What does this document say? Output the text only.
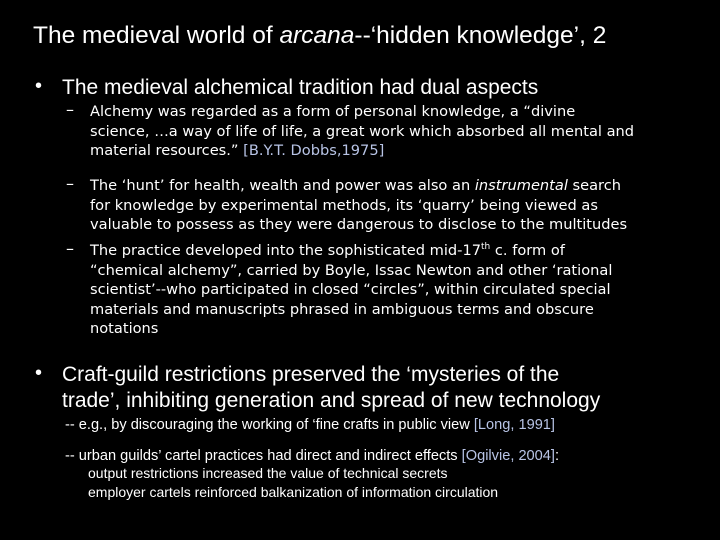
The medieval world of arcana--‘hidden knowledge’, 2
• The medieval alchemical tradition had dual aspects
– Alchemy was regarded as a form of personal knowledge, a “divine
science, …a way of life of life, a great work which absorbed all mental and
material resources.” [B.Y.T. Dobbs,1975]
– The ‘hunt’ for health, wealth and power was also an instrumental search
for knowledge by experimental methods, its ‘quarry’ being viewed as
valuable to possess as they were dangerous to disclose to the multitudes
– The practice developed into the sophisticated mid-17th c. form of
“chemical alchemy”, carried by Boyle, Issac Newton and other ‘rational
scientist’--who participated in closed “circles”, within circulated special
materials and manuscripts phrased in ambiguous terms and obscure
notations
• Craft-guild restrictions preserved the ‘mysteries of the
trade’, inhibiting generation and spread of new technology
-- e.g., by discouraging the working of ‘fine crafts in public view [Long, 1991]
-- urban guilds’ cartel practices had direct and indirect effects [Ogilvie, 2004]:
output restrictions increased the value of technical secrets
employer cartels reinforced balkanization of information circulation
